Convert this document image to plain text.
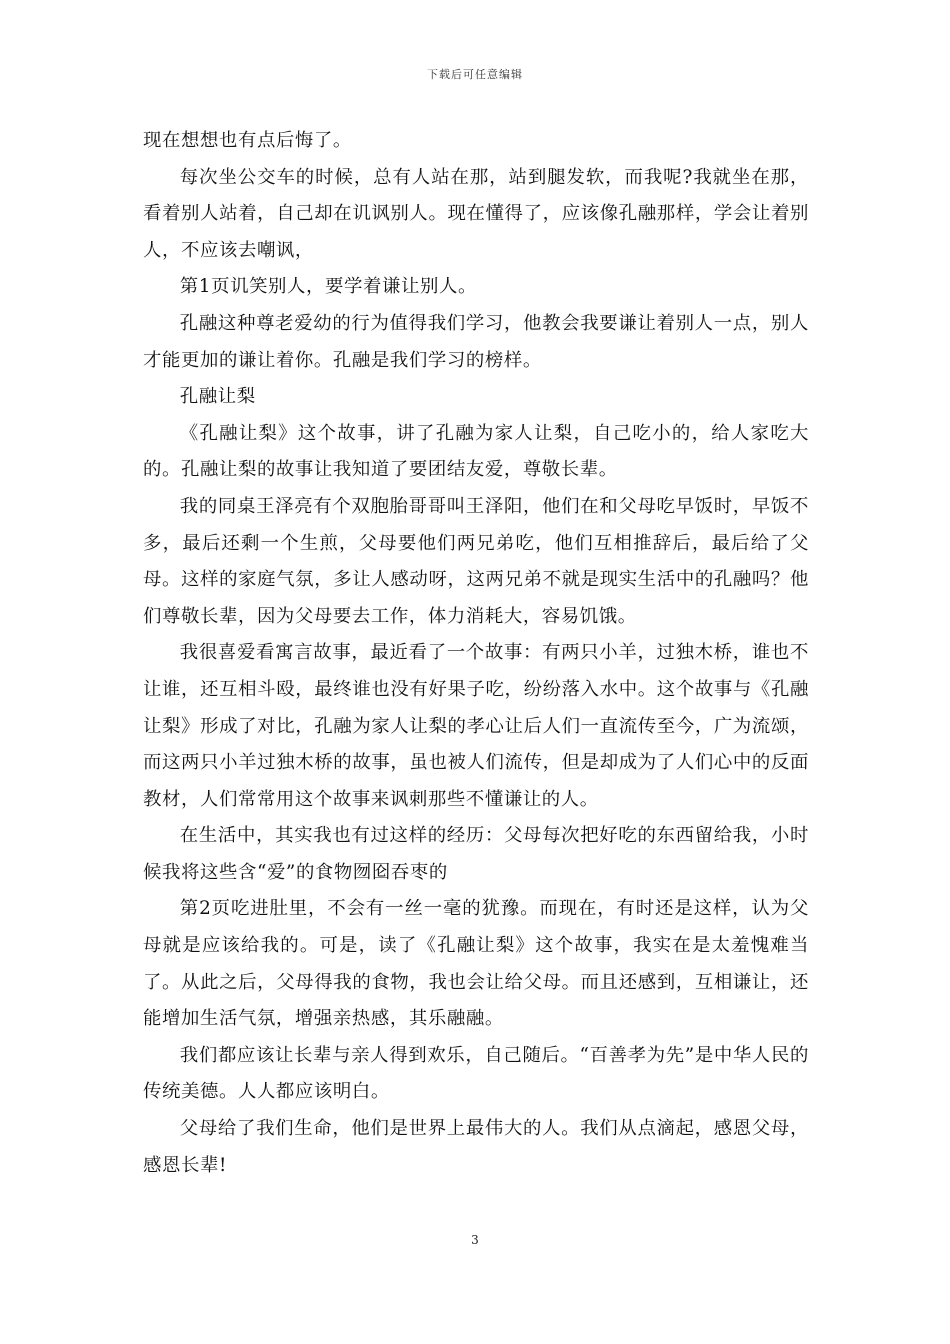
下载后可任意编辑

现在想想也有点后悔了。

每次坐公交车的时候，总有人站在那，站到腿发软，而我呢?我就坐在那，看着别人站着，自己却在讥讽别人。现在懂得了，应该像孔融那样，学会让着别人，不应该去嘲讽，

第1页讥笑别人，要学着谦让别人。

孔融这种尊老爱幼的行为值得我们学习，他教会我要谦让着别人一点，别人才能更加的谦让着你。孔融是我们学习的榜样。

孔融让梨

《孔融让梨》这个故事，讲了孔融为家人让梨，自己吃小的，给人家吃大的。孔融让梨的故事让我知道了要团结友爱，尊敬长辈。

我的同桌王泽亮有个双胞胎哥哥叫王泽阳，他们在和父母吃早饭时，早饭不多，最后还剩一个生煎，父母要他们两兄弟吃，他们互相推辞后，最后给了父母。这样的家庭气氛，多让人感动呀，这两兄弟不就是现实生活中的孔融吗？他们尊敬长辈，因为父母要去工作，体力消耗大，容易饥饿。

我很喜爱看寓言故事，最近看了一个故事：有两只小羊，过独木桥，谁也不让谁，还互相斗殴，最终谁也没有好果子吃，纷纷落入水中。这个故事与《孔融让梨》形成了对比，孔融为家人让梨的孝心让后人们一直流传至今，广为流颂，而这两只小羊过独木桥的故事，虽也被人们流传，但是却成为了人们心中的反面教材，人们常常用这个故事来讽刺那些不懂谦让的人。

在生活中，其实我也有过这样的经历：父母每次把好吃的东西留给我，小时候我将这些含“爱”的食物囫囵吞枣的

第2页吃进肚里，不会有一丝一毫的犹豫。而现在，有时还是这样，认为父母就是应该给我的。可是，读了《孔融让梨》这个故事，我实在是太羞愧难当了。从此之后，父母得我的食物，我也会让给父母。而且还感到，互相谦让，还能增加生活气氛，增强亲热感，其乐融融。

我们都应该让长辈与亲人得到欢乐，自己随后。“百善孝为先”是中华人民的传统美德。人人都应该明白。

父母给了我们生命，他们是世界上最伟大的人。我们从点滴起，感恩父母，感恩长辈!

3
